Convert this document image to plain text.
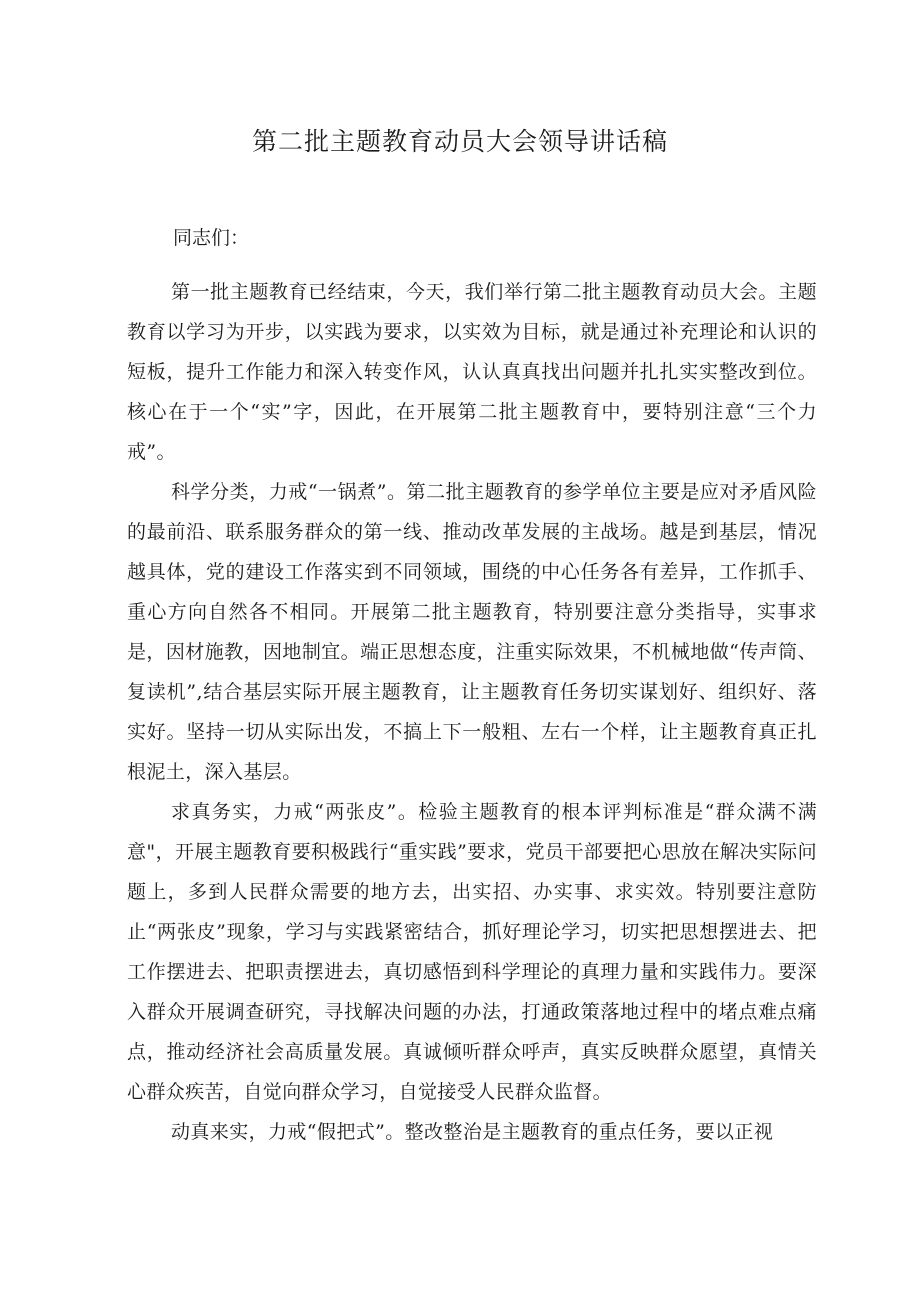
第二批主题教育动员大会领导讲话稿

同志们：

第一批主题教育已经结束，今天，我们举行第二批主题教育动员大会。主题教育以学习为开步，以实践为要求，以实效为目标，就是通过补充理论和认识的短板，提升工作能力和深入转变作风，认认真真找出问题并扎扎实实整改到位。核心在于一个“实”字，因此，在开展第二批主题教育中，要特别注意“三个力戒”。

科学分类，力戒“一锅煮”。第二批主题教育的参学单位主要是应对矛盾风险的最前沿、联系服务群众的第一线、推动改革发展的主战场。越是到基层，情况越具体，党的建设工作落实到不同领域，围绕的中心任务各有差异，工作抓手、重心方向自然各不相同。开展第二批主题教育，特别要注意分类指导，实事求是，因材施教，因地制宜。端正思想态度，注重实际效果，不机械地做“传声筒、复读机”,结合基层实际开展主题教育，让主题教育任务切实谋划好、组织好、落实好。坚持一切从实际出发，不搞上下一般粗、左右一个样，让主题教育真正扎根泥土，深入基层。

求真务实，力戒“两张皮”。检验主题教育的根本评判标准是“群众满不满意"，开展主题教育要积极践行“重实践”要求，党员干部要把心思放在解决实际问题上，多到人民群众需要的地方去，出实招、办实事、求实效。特别要注意防止“两张皮”现象，学习与实践紧密结合，抓好理论学习，切实把思想摆进去、把工作摆进去、把职责摆进去，真切感悟到科学理论的真理力量和实践伟力。要深入群众开展调查研究，寻找解决问题的办法，打通政策落地过程中的堵点难点痛点，推动经济社会高质量发展。真诚倾听群众呼声，真实反映群众愿望，真情关心群众疾苦，自觉向群众学习，自觉接受人民群众监督。

动真来实，力戒“假把式”。整改整治是主题教育的重点任务，要以正视
